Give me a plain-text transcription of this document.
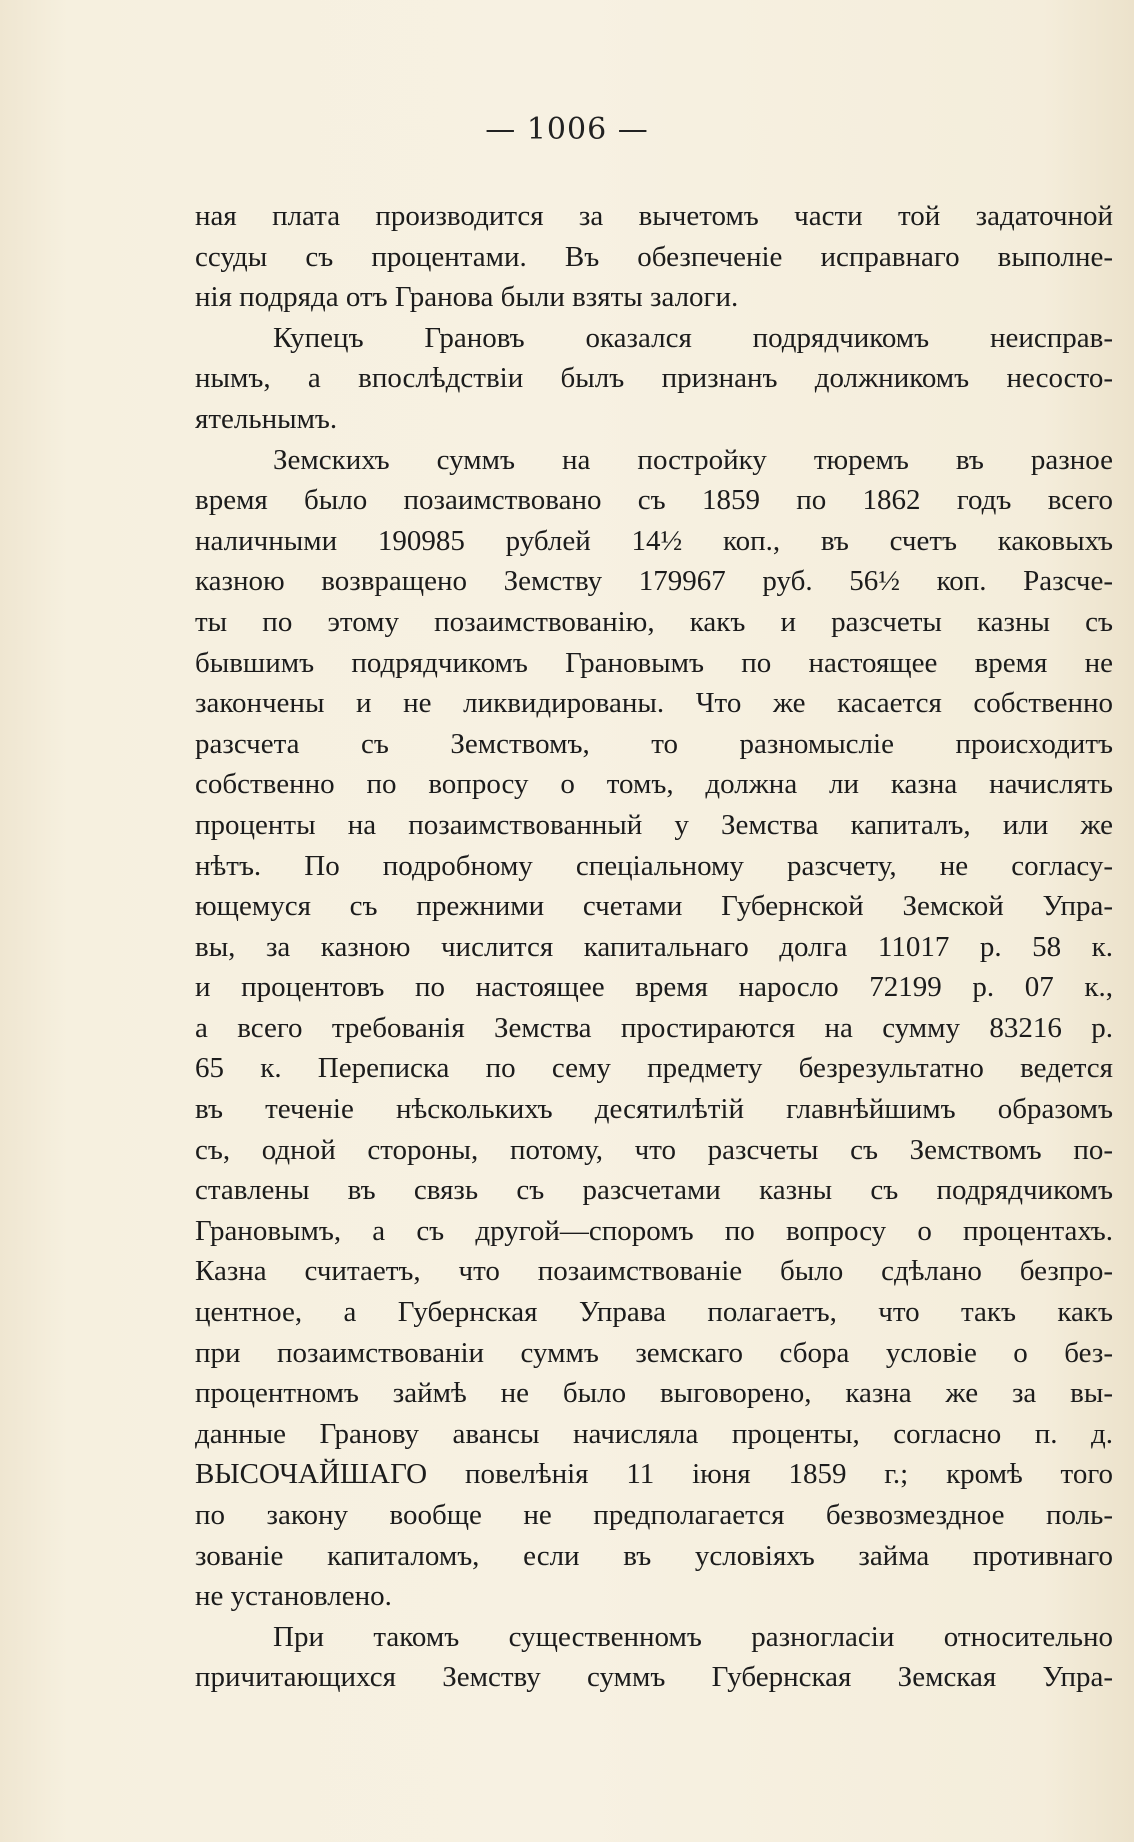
— 1006 —
ная плата производится за вычетомъ части той задаточной
ссуды съ процентами. Въ обезпеченіе исправнаго выполне-
нія подряда отъ Гранова были взяты залоги.
Купецъ Грановъ оказался подрядчикомъ неисправ-
нымъ, а впослѣдствіи былъ признанъ должникомъ несосто-
ятельнымъ.
Земскихъ суммъ на постройку тюремъ въ разное
время было позаимствовано съ 1859 по 1862 годъ всего
наличными 190985 рублей 14½ коп., въ счетъ каковыхъ
казною возвращено Земству 179967 руб. 56½ коп. Разсче-
ты по этому позаимствованію, какъ и разсчеты казны съ
бывшимъ подрядчикомъ Грановымъ по настоящее время не
закончены и не ликвидированы. Что же касается собственно
разсчета съ Земствомъ, то разномысліе происходитъ
собственно по вопросу о томъ, должна ли казна начислять
проценты на позаимствованный у Земства капиталъ, или же
нѣтъ. По подробному спеціальному разсчету, не согласу-
ющемуся съ прежними счетами Губернской Земской Упра-
вы, за казною числится капитальнаго долга 11017 р. 58 к.
и процентовъ по настоящее время наросло 72199 р. 07 к.,
а всего требованія Земства простираются на сумму 83216 р.
65 к. Переписка по сему предмету безрезультатно ведется
въ теченіе нѣсколькихъ десятилѣтій главнѣйшимъ образомъ
съ, одной стороны, потому, что разсчеты съ Земствомъ по-
ставлены въ связь съ разсчетами казны съ подрядчикомъ
Грановымъ, а съ другой—споромъ по вопросу о процентахъ.
Казна считаетъ, что позаимствованіе было сдѣлано безпро-
центное, а Губернская Управа полагаетъ, что такъ какъ
при позаимствованіи суммъ земскаго сбора условіе о без-
процентномъ займѣ не было выговорено, казна же за вы-
данные Гранову авансы начисляла проценты, согласно п. д.
ВЫСОЧАЙШАГО повелѣнія 11 іюня 1859 г.; кромѣ того
по закону вообще не предполагается безвозмездное поль-
зованіе капиталомъ, если въ условіяхъ займа противнаго
не установлено.
При такомъ существенномъ разногласіи относительно
причитающихся Земству суммъ Губернская Земская Упра-
